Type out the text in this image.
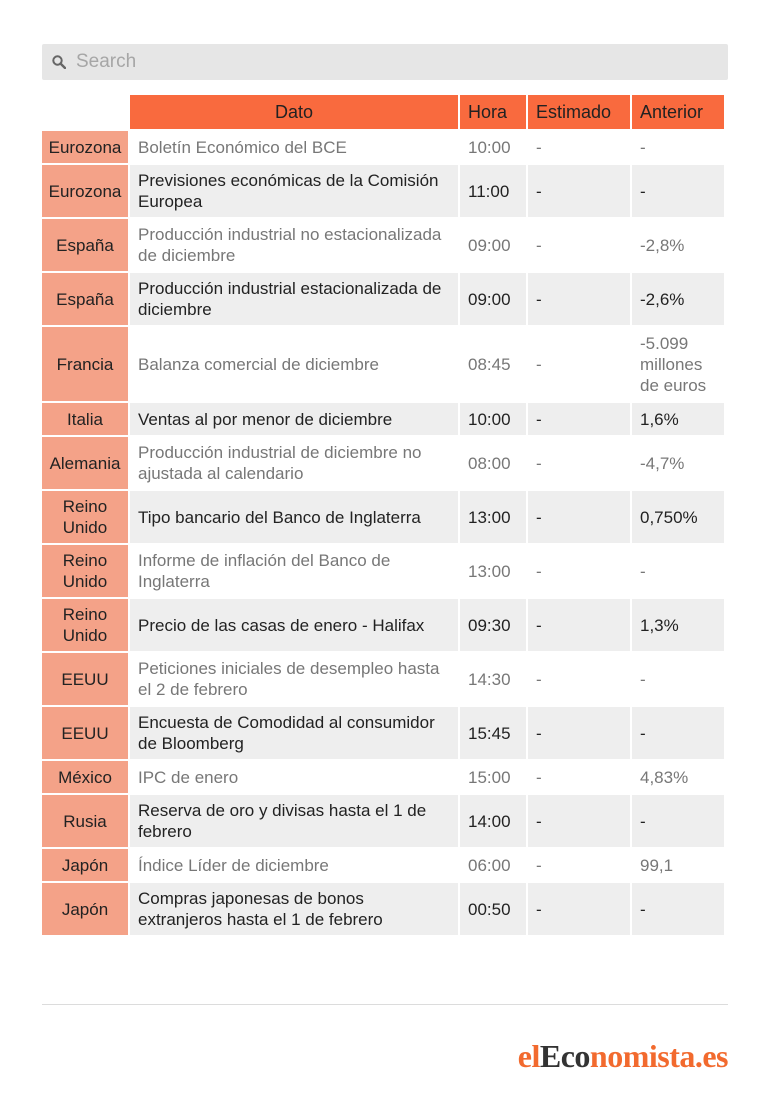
Search
	Dato	Hora	Estimado	Anterior
Eurozona	Boletín Económico del BCE	10:00	-	-
Eurozona	Previsiones económicas de la Comisión Europea	11:00	-	-
España	Producción industrial no estacionalizada de diciembre	09:00	-	-2,8%
España	Producción industrial estacionalizada de diciembre	09:00	-	-2,6%
Francia	Balanza comercial de diciembre	08:45	-	-5.099 millones de euros
Italia	Ventas al por menor de diciembre	10:00	-	1,6%
Alemania	Producción industrial de diciembre no ajustada al calendario	08:00	-	-4,7%
Reino Unido	Tipo bancario del Banco de Inglaterra	13:00	-	0,750%
Reino Unido	Informe de inflación del Banco de Inglaterra	13:00	-	-
Reino Unido	Precio de las casas de enero - Halifax	09:30	-	1,3%
EEUU	Peticiones iniciales de desempleo hasta el 2 de febrero	14:30	-	-
EEUU	Encuesta de Comodidad al consumidor de Bloomberg	15:45	-	-
México	IPC de enero	15:00	-	4,83%
Rusia	Reserva de oro y divisas hasta el 1 de febrero	14:00	-	-
Japón	Índice Líder de diciembre	06:00	-	99,1
Japón	Compras japonesas de bonos extranjeros hasta el 1 de febrero	00:50	-	-
elEconomista.es
